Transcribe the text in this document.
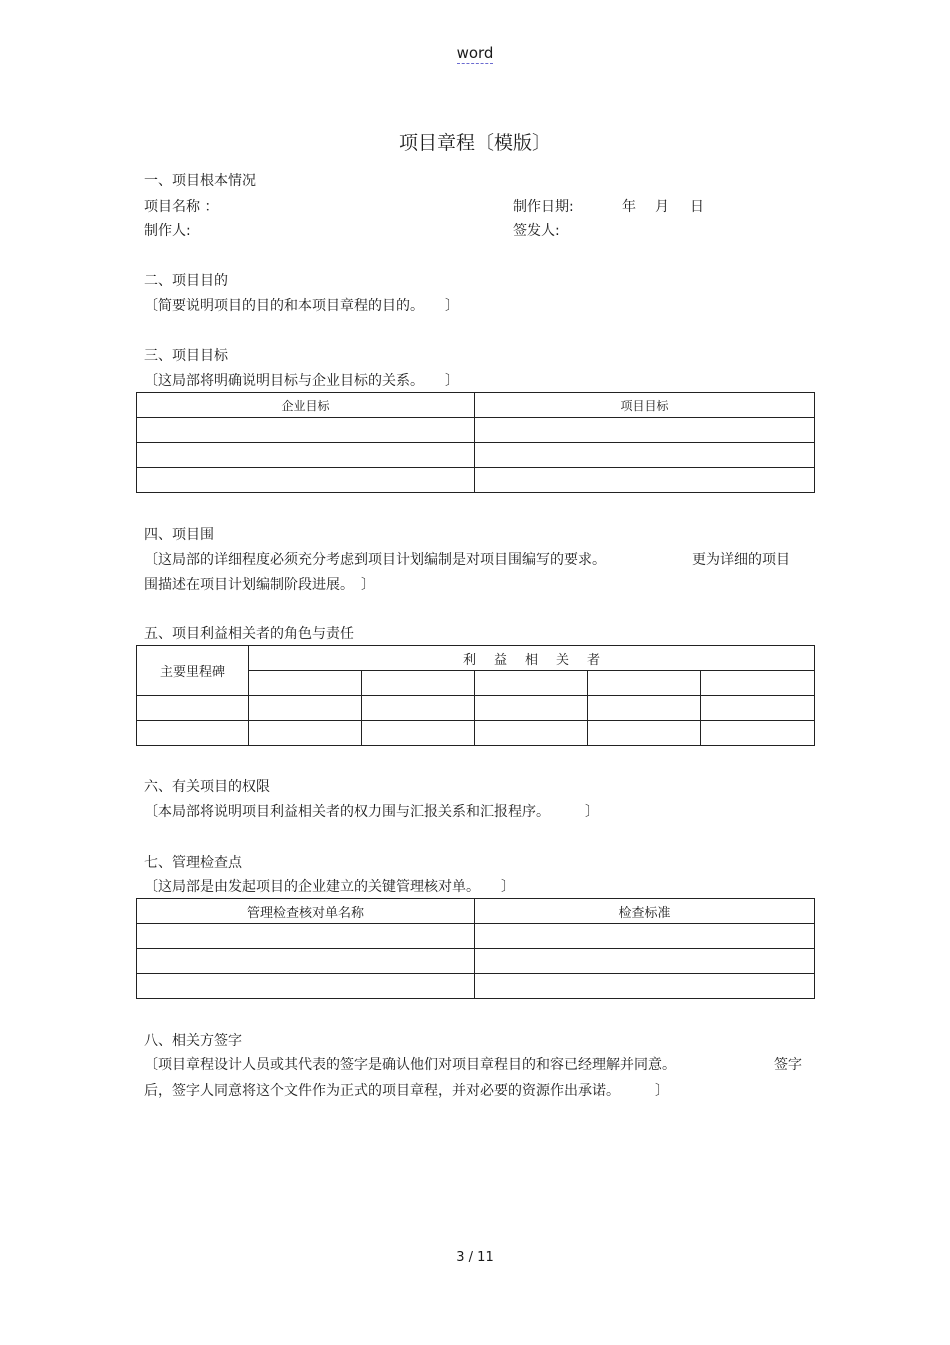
word
项目章程〔模版〕
一、项目根本情况
项目名称 ：	制作日期:	年 月 日
制作人:	签发人:
二、项目目的
〔简要说明项目的目的和本项目章程的目的。　　〕
三、项目目标
〔这局部将明确说明目标与企业目标的关系。　　〕
企业目标	项目目标

四、项目围
〔这局部的详细程度必须充分考虑到项目计划编制是对项目围编写的要求。	更为详细的项目
围描述在项目计划编制阶段进展。　〕
五、项目利益相关者的角色与责任
主要里程碑	利益相关者				

六、有关项目的权限
〔本局部将说明项目利益相关者的权力围与汇报关系和汇报程序。　　　〕
七、管理检查点
〔这局部是由发起项目的企业建立的关键管理核对单。　　〕
管理检查核对单名称	检查标准

八、相关方签字
〔项目章程设计人员或其代表的签字是确认他们对项目章程目的和容已经理解并同意。	签字
后，签字人同意将这个文件作为正式的项目章程，并对必要的资源作出承诺。　　　〕
3 / 11
